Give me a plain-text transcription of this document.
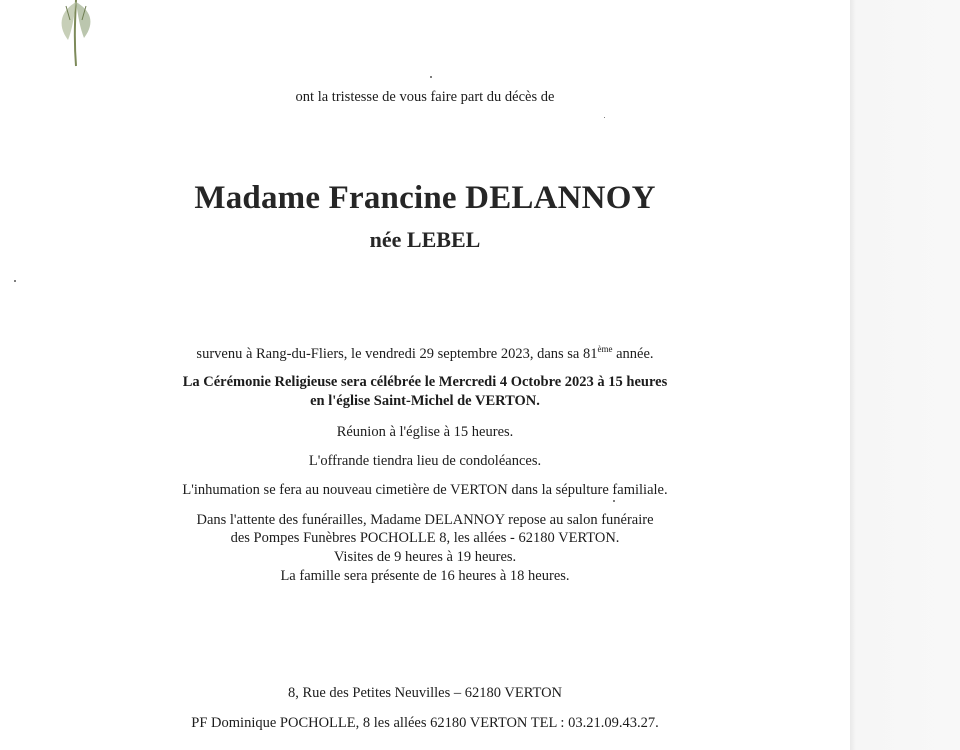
ont la tristesse de vous faire part du décès de
Madame Francine DELANNOY
née LEBEL
survenu à Rang-du-Fliers, le vendredi 29 septembre 2023, dans sa 81ème année.
La Cérémonie Religieuse sera célébrée le Mercredi 4 Octobre 2023 à 15 heures
en l'église Saint-Michel de VERTON.
Réunion à l'église à 15 heures.
L'offrande tiendra lieu de condoléances.
L'inhumation se fera au nouveau cimetière de VERTON dans la sépulture familiale.
Dans l'attente des funérailles, Madame DELANNOY repose au salon funéraire
des Pompes Funèbres POCHOLLE 8, les allées - 62180 VERTON.
Visites de 9 heures à 19 heures.
La famille sera présente de 16 heures à 18 heures.
8, Rue des Petites Neuvilles – 62180 VERTON
PF Dominique POCHOLLE, 8 les allées 62180 VERTON TEL : 03.21.09.43.27.
